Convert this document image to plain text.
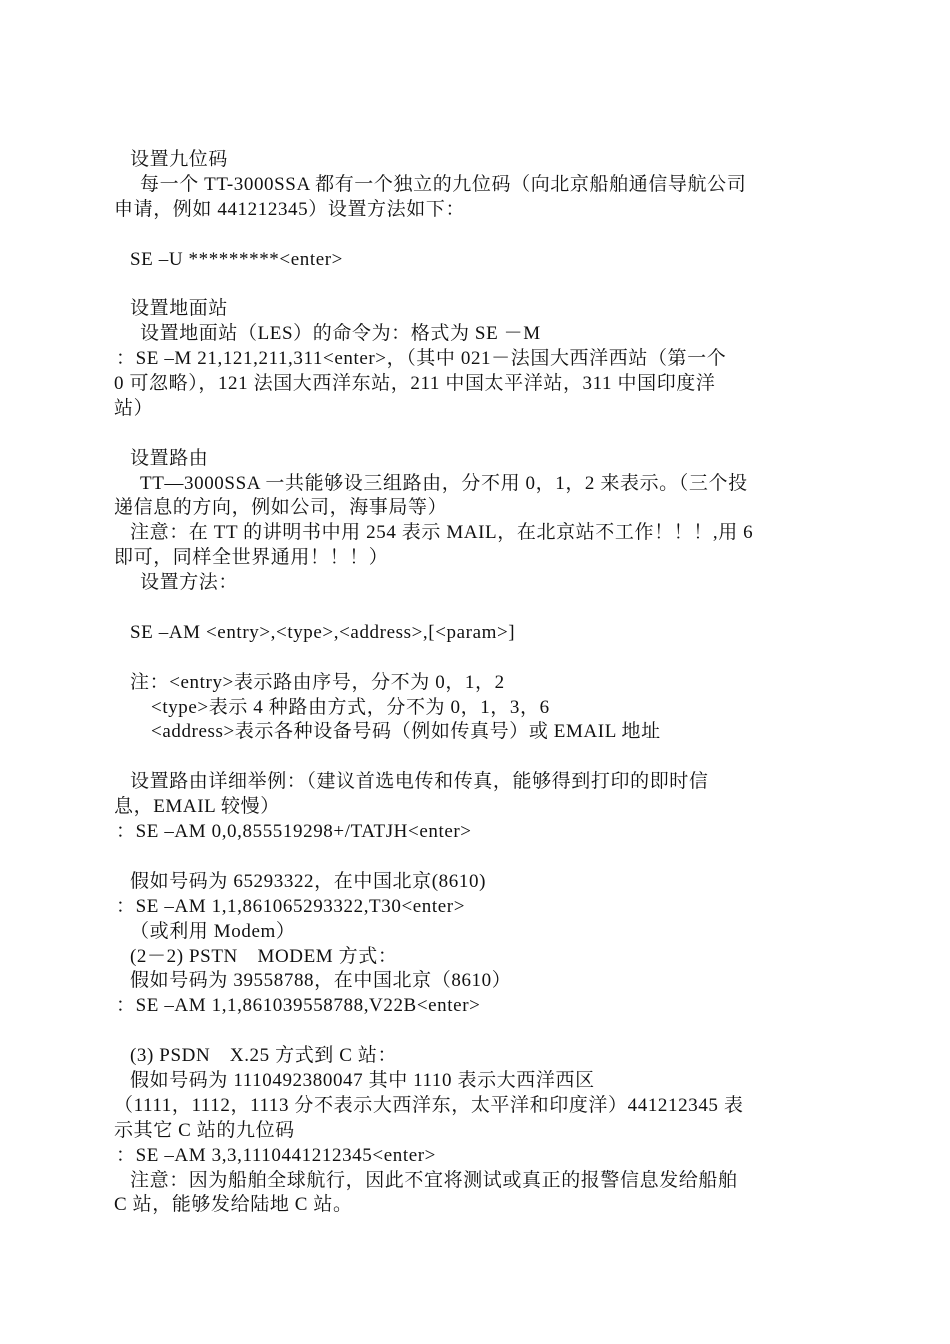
设置九位码
每一个 TT-3000SSA 都有一个独立的九位码（向北京船舶通信导航公司
申请，例如 441212345）设置方法如下：
SE –U *********<enter>
设置地面站
设置地面站（LES）的命令为：格式为 SE －M
：SE –M 21,121,211,311<enter>，（其中 021－法国大西洋西站（第一个
0 可忽略），121 法国大西洋东站，211 中国太平洋站，311 中国印度洋
站）
设置路由
TT—3000SSA 一共能够设三组路由，分不用 0，1，2 来表示。（三个投
递信息的方向，例如公司，海事局等）
注意：在 TT 的讲明书中用 254 表示 MAIL，在北京站不工作！！！,用 6
即可，同样全世界通用！！！）
设置方法：
SE –AM <entry>,<type>,<address>,[<param>]
注：<entry>表示路由序号，分不为 0，1，2
<type>表示 4 种路由方式，分不为 0，1，3，6
<address>表示各种设备号码（例如传真号）或 EMAIL 地址
设置路由详细举例：（建议首选电传和传真，能够得到打印的即时信
息，EMAIL 较慢）
：SE –AM 0,0,855519298+/TATJH<enter>
假如号码为 65293322，在中国北京(8610)
：SE –AM 1,1,861065293322,T30<enter>
（或利用 Modem）
(2－2) PSTN　MODEM 方式：
假如号码为 39558788，在中国北京（8610）
：SE –AM 1,1,861039558788,V22B<enter>
(3) PSDN　X.25 方式到 C 站：
假如号码为 1110492380047 其中 1110 表示大西洋西区
（1111，1112，1113 分不表示大西洋东，太平洋和印度洋）441212345 表
示其它 C 站的九位码
：SE –AM 3,3,1110441212345<enter>
注意：因为船舶全球航行，因此不宜将测试或真正的报警信息发给船舶
C 站，能够发给陆地 C 站。
